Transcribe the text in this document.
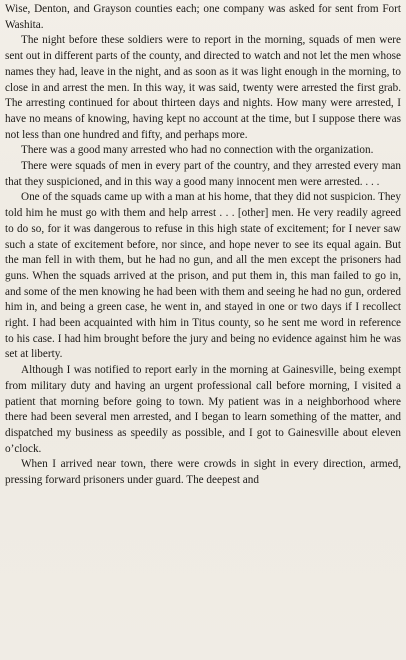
Wise, Denton, and Grayson counties each; one company was asked for sent from Fort Washita.

The night before these soldiers were to report in the morning, squads of men were sent out in different parts of the county, and directed to watch and not let the men whose names they had, leave in the night, and as soon as it was light enough in the morning, to close in and arrest the men. In this way, it was said, twenty were arrested the first grab. The arresting continued for about thirteen days and nights. How many were arrested, I have no means of knowing, having kept no account at the time, but I suppose there was not less than one hundred and fifty, and perhaps more.

There was a good many arrested who had no connection with the organization.

There were squads of men in every part of the country, and they arrested every man that they suspicioned, and in this way a good many innocent men were arrested. . . .

One of the squads came up with a man at his home, that they did not suspicion. They told him he must go with them and help arrest . . . [other] men. He very readily agreed to do so, for it was dangerous to refuse in this high state of excitement; for I never saw such a state of excitement before, nor since, and hope never to see its equal again. But the man fell in with them, but he had no gun, and all the men except the prisoners had guns. When the squads arrived at the prison, and put them in, this man failed to go in, and some of the men knowing he had been with them and seeing he had no gun, ordered him in, and being a green case, he went in, and stayed in one or two days if I recollect right. I had been acquainted with him in Titus county, so he sent me word in reference to his case. I had him brought before the jury and being no evidence against him he was set at liberty.

Although I was notified to report early in the morning at Gainesville, being exempt from military duty and having an urgent professional call before morning, I visited a patient that morning before going to town. My patient was in a neighborhood where there had been several men arrested, and I began to learn something of the matter, and dispatched my business as speedily as possible, and I got to Gainesville about eleven o’clock.

When I arrived near town, there were crowds in sight in every direction, armed, pressing forward prisoners under guard. The deepest and
